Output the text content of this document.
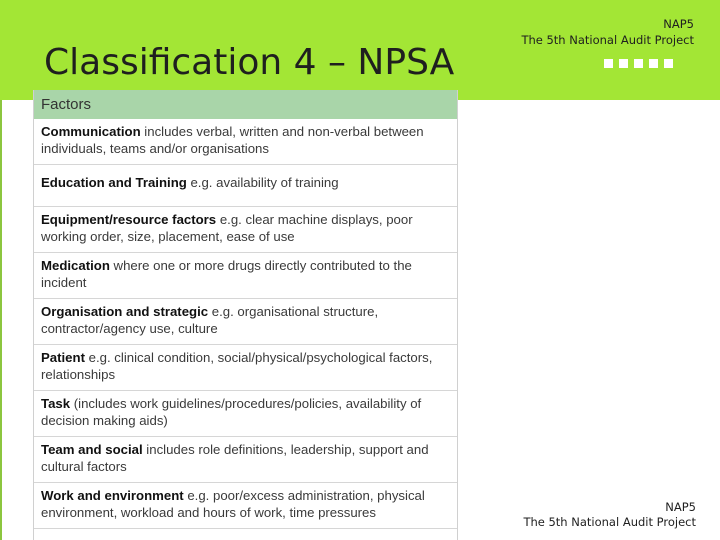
Classification 4 – NPSA
NAP5
The 5th National Audit Project
Factors
Communication includes verbal, written and non-verbal between individuals, teams and/or organisations
Education and Training e.g. availability of training
Equipment/resource factors e.g. clear machine displays, poor working order, size, placement, ease of use
Medication where one or more drugs directly contributed to the incident
Organisation and strategic e.g. organisational structure, contractor/agency use, culture
Patient e.g. clinical condition, social/physical/psychological factors, relationships
Task (includes work guidelines/procedures/policies, availability of decision making aids)
Team and social includes role definitions, leadership, support and cultural factors
Work and environment e.g. poor/excess administration, physical environment, workload and hours of work, time pressures	NAP5
The 5th National Audit Project
